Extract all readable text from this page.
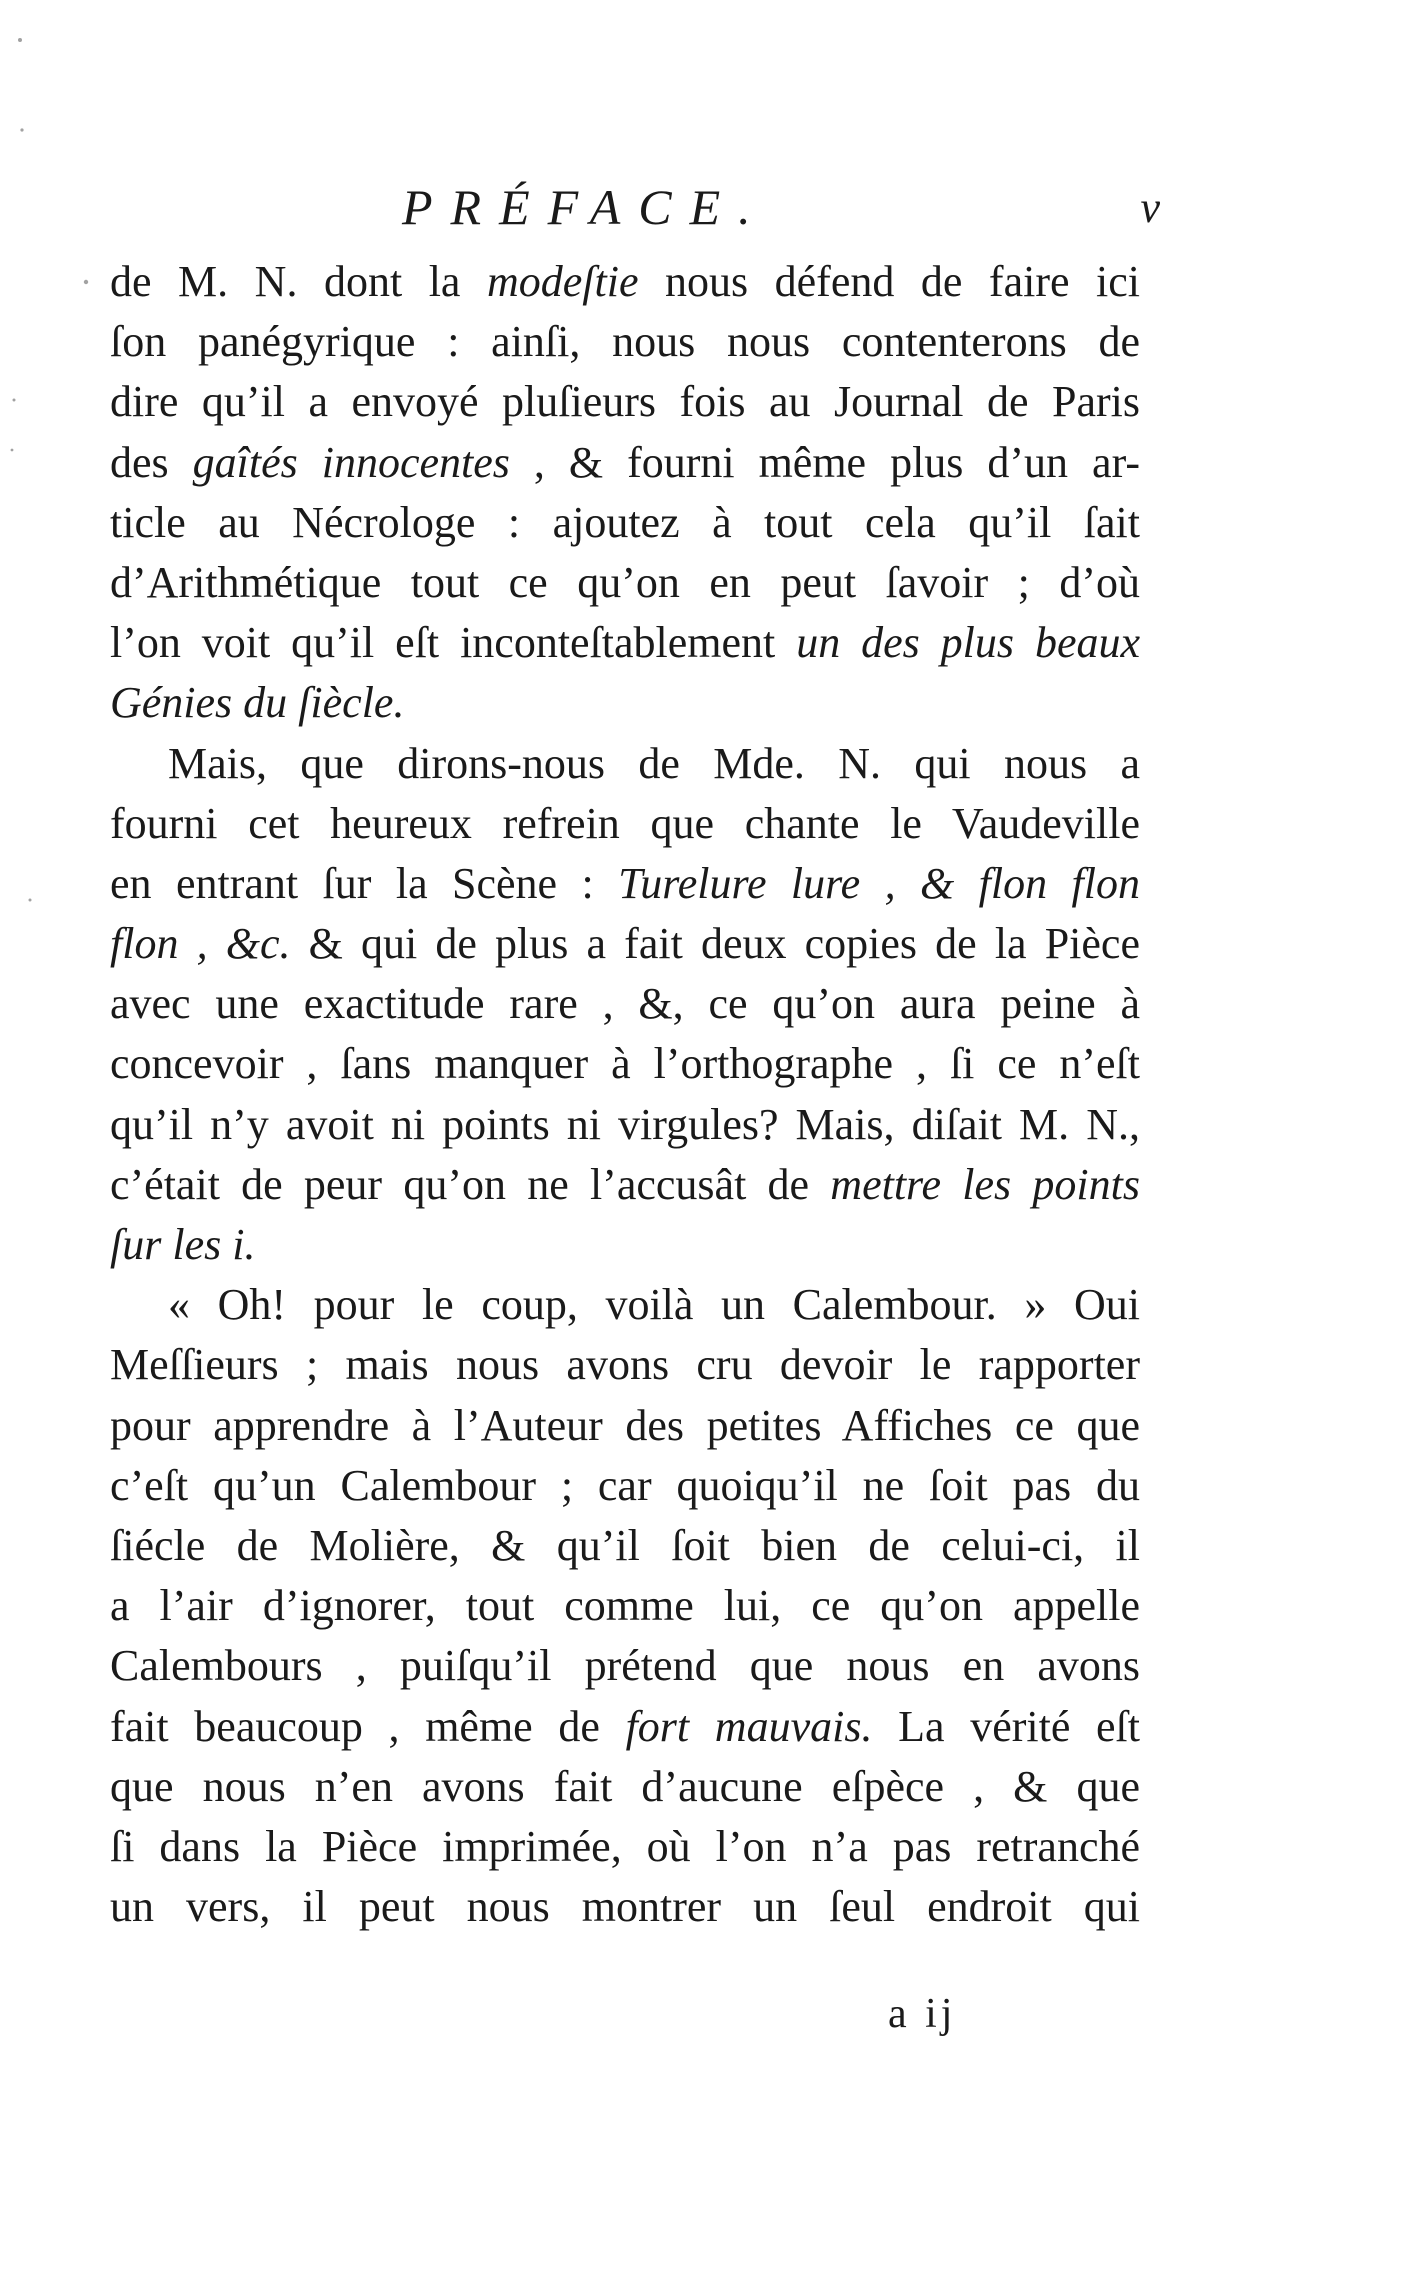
PRÉFACE.	v
de M. N. dont la modeſtie nous défend de faire ici
ſon panégyrique : ainſi, nous nous contenterons de
dire qu’il a envoyé pluſieurs fois au Journal de Paris
des gaîtés innocentes , & fourni même plus d’un ar-
ticle au Nécrologe : ajoutez à tout cela qu’il ſait
d’Arithmétique tout ce qu’on en peut ſavoir ; d’où
l’on voit qu’il eſt inconteſtablement un des plus beaux
Génies du ſiècle.
Mais, que dirons-nous de Mde. N. qui nous a
fourni cet heureux refrein que chante le Vaudeville
en entrant ſur la Scène : Turelure lure , & flon flon
flon , &c. & qui de plus a fait deux copies de la Pièce
avec une exactitude rare , &, ce qu’on aura peine à
concevoir , ſans manquer à l’orthographe , ſi ce n’eſt
qu’il n’y avoit ni points ni virgules? Mais, diſait M. N.,
c’était de peur qu’on ne l’accusât de mettre les points
ſur les i.
« Oh! pour le coup, voilà un Calembour. » Oui
Meſſieurs ; mais nous avons cru devoir le rapporter
pour apprendre à l’Auteur des petites Affiches ce que
c’eſt qu’un Calembour ; car quoiqu’il ne ſoit pas du
ſiécle de Molière, & qu’il ſoit bien de celui-ci, il
a l’air d’ignorer, tout comme lui, ce qu’on appelle
Calembours , puiſqu’il prétend que nous en avons
fait beaucoup , même de fort mauvais. La vérité eſt
que nous n’en avons fait d’aucune eſpèce , & que
ſi dans la Pièce imprimée, où l’on n’a pas retranché
un vers, il peut nous montrer un ſeul endroit qui
a ij
